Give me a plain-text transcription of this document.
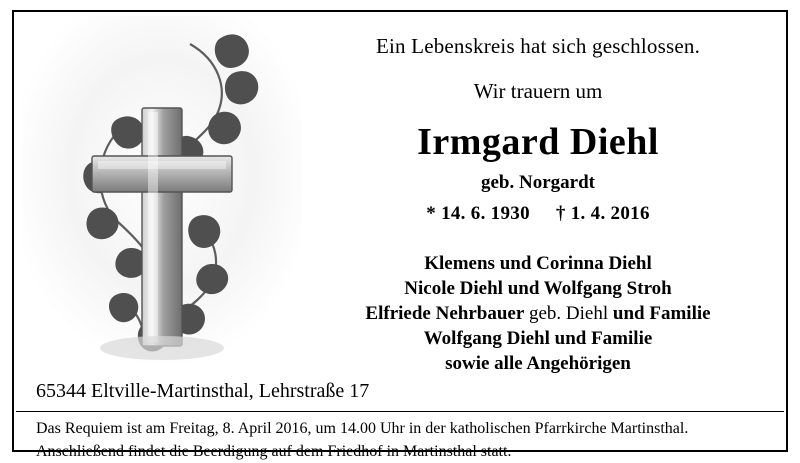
Ein Lebenskreis hat sich geschlossen.
Wir trauern um
Irmgard Diehl
geb. Norgardt
* 14. 6. 1930 † 1. 4. 2016
Klemens und Corinna Diehl
Nicole Diehl und Wolfgang Stroh
Elfriede Nehrbauer geb. Diehl und Familie
Wolfgang Diehl und Familie
sowie alle Angehörigen
65344 Eltville-Martinsthal, Lehrstraße 17
Das Requiem ist am Freitag, 8. April 2016, um 14.00 Uhr in der katholischen Pfarrkirche Martinsthal.
Anschließend findet die Beerdigung auf dem Friedhof in Martinsthal statt.
